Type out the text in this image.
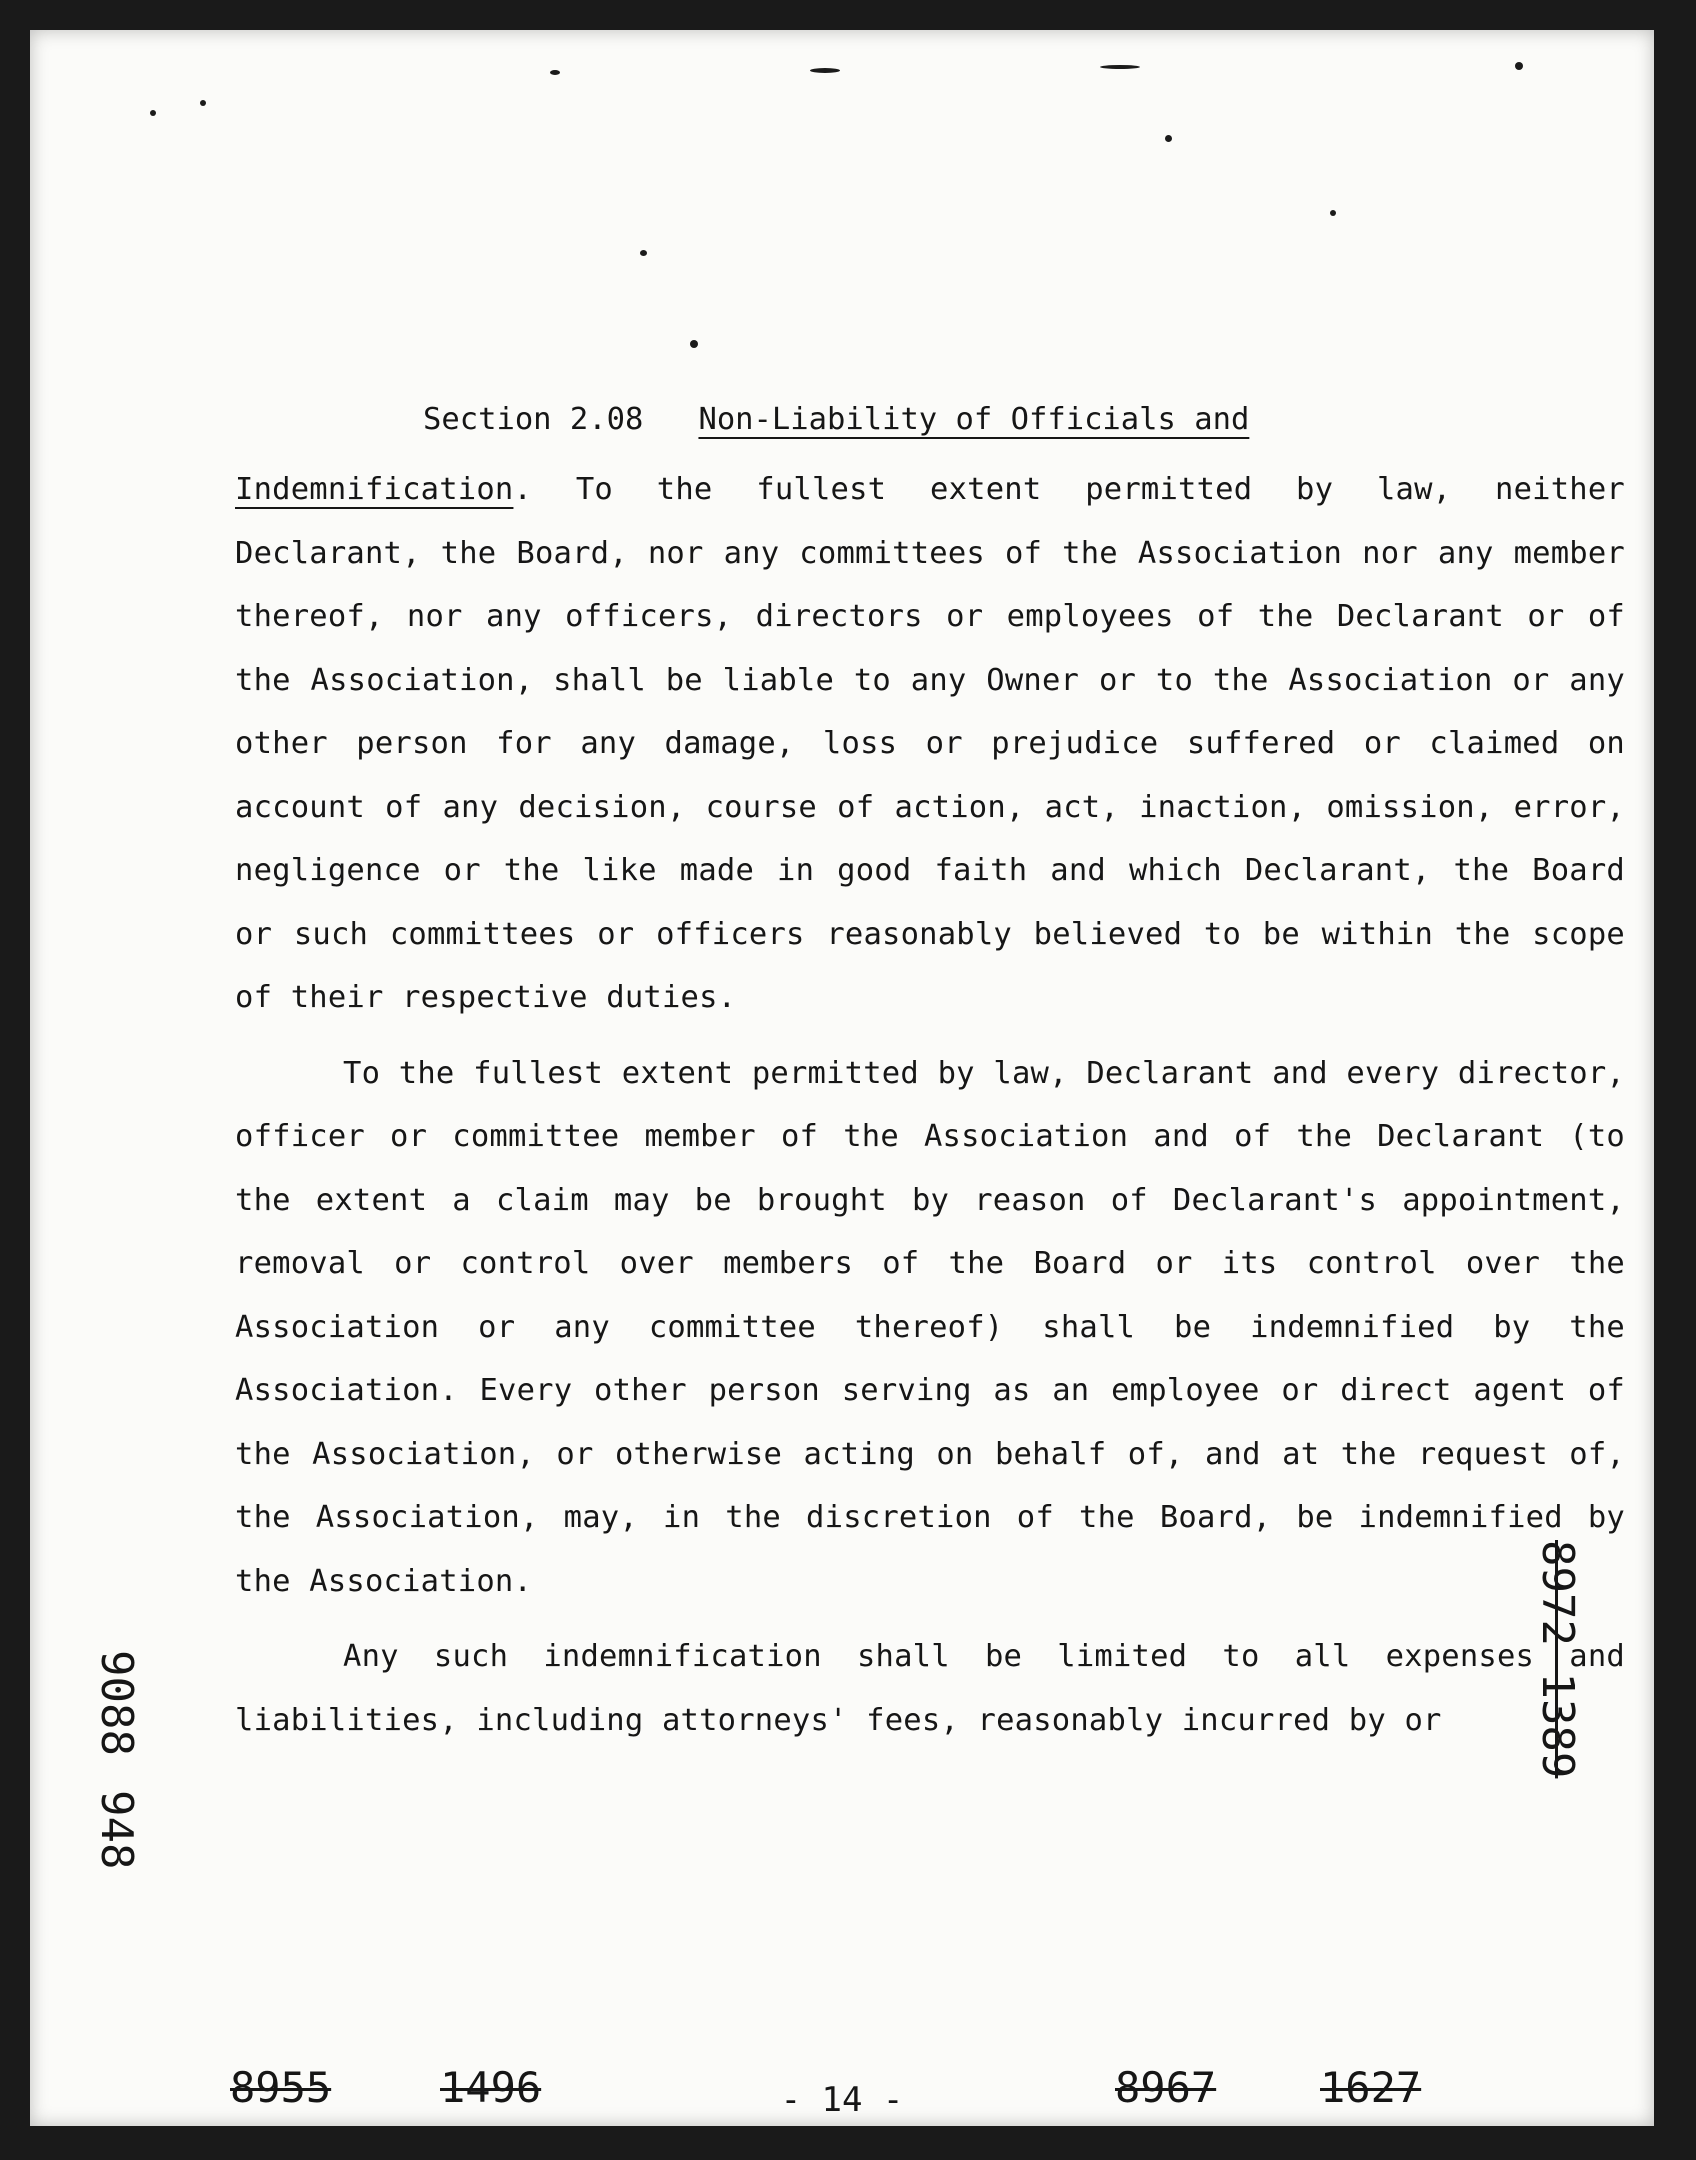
Section 2.08 Non-Liability of Officials and

Indemnification. To the fullest extent permitted by law, neither Declarant, the Board, nor any committees of the Association nor any member thereof, nor any officers, directors or employees of the Declarant or of the Association, shall be liable to any Owner or to the Association or any other person for any damage, loss or prejudice suffered or claimed on account of any decision, course of action, act, inaction, omission, error, negligence or the like made in good faith and which Declarant, the Board or such committees or officers reasonably believed to be within the scope of their respective duties.

To the fullest extent permitted by law, Declarant and every director, officer or committee member of the Association and of the Declarant (to the extent a claim may be brought by reason of Declarant's appointment, removal or control over members of the Board or its control over the Association or any committee thereof) shall be indemnified by the Association. Every other person serving as an employee or direct agent of the Association, or otherwise acting on behalf of, and at the request of, the Association, may, in the discretion of the Board, be indemnified by the Association.

Any such indemnification shall be limited to all expenses and liabilities, including attorneys' fees, reasonably incurred by or

9088
948
8972 1389
8955	1496	- 14 -	8967 1627
